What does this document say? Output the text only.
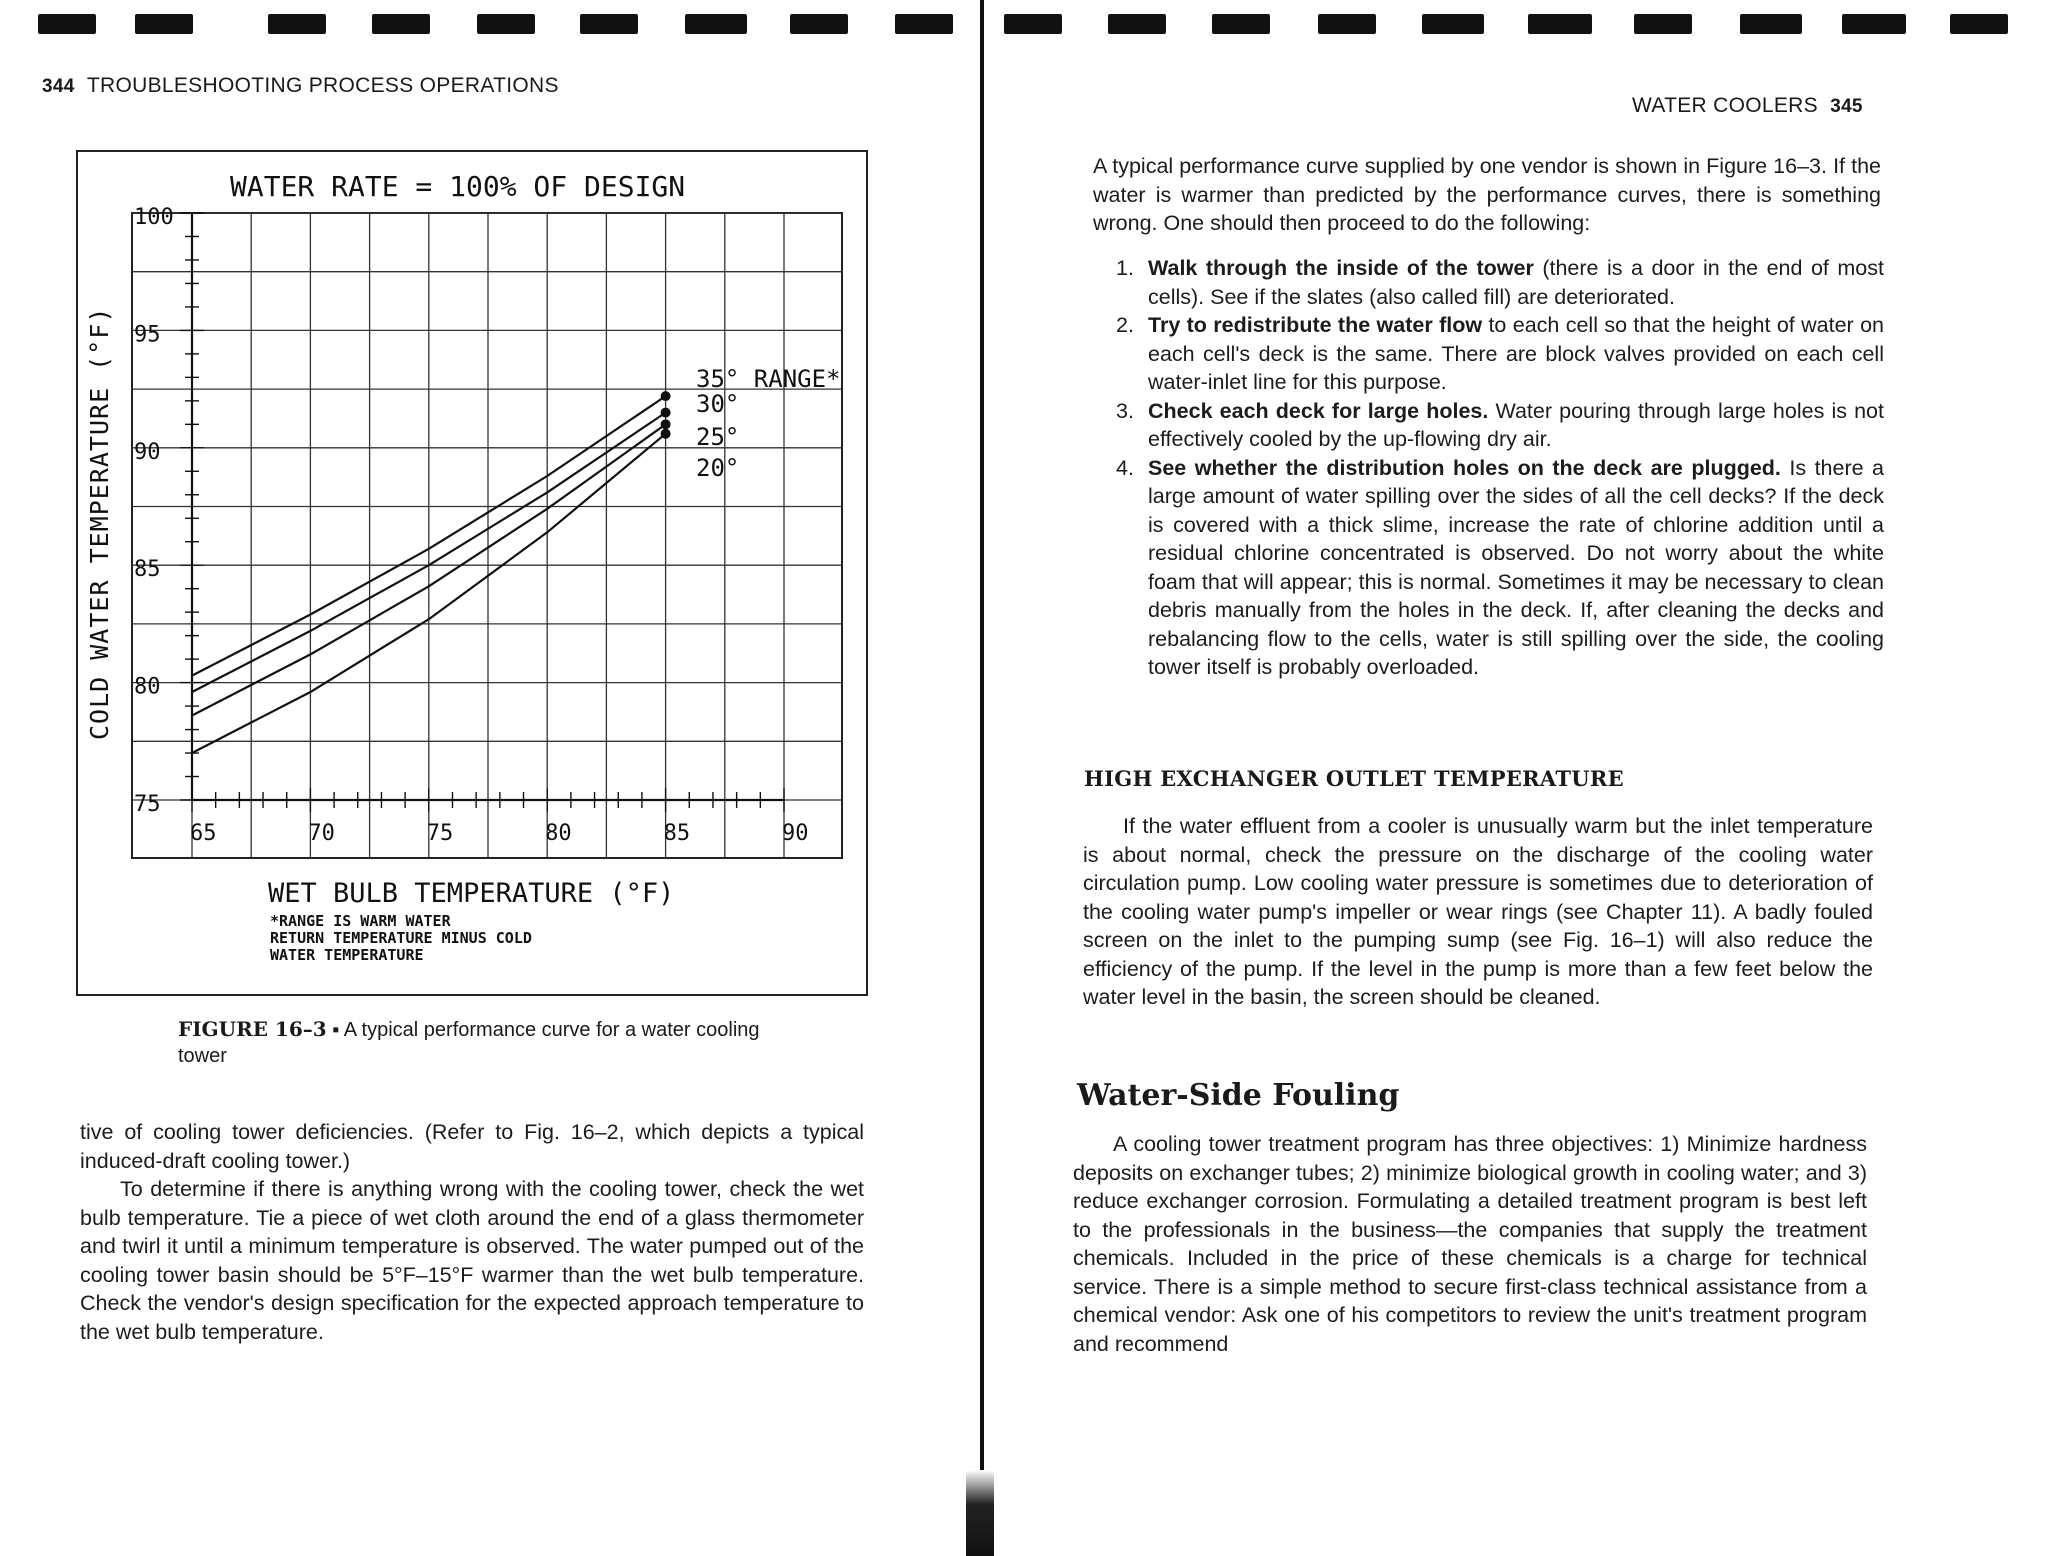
344 TROUBLESHOOTING PROCESS OPERATIONS
75
80
85
90
95
100
65	70	75	80	85	90
WATER RATE = 100% OF DESIGN
COLD WATER TEMPERATURE (°F)
WET BULB TEMPERATURE (°F)
*RANGE IS WARM WATER RETURN TEMPERATURE MINUS COLD WATER TEMPERATURE
35° RANGE*
30°
25°
20°
FIGURE 16–3 ▪ A typical performance curve for a water cooling tower
tive of cooling tower deficiencies. (Refer to Fig. 16–2, which depicts a typical induced-draft cooling tower.)
To determine if there is anything wrong with the cooling tower, check the wet bulb temperature. Tie a piece of wet cloth around the end of a glass thermometer and twirl it until a minimum temperature is observed. The water pumped out of the cooling tower basin should be 5°F–15°F warmer than the wet bulb temperature. Check the vendor's design specification for the expected approach temperature to the wet bulb temperature.
WATER COOLERS 345
A typical performance curve supplied by one vendor is shown in Figure 16–3. If the water is warmer than predicted by the performance curves, there is something wrong. One should then proceed to do the following:
1. Walk through the inside of the tower (there is a door in the end of most cells). See if the slates (also called fill) are deteriorated.
2. Try to redistribute the water flow to each cell so that the height of water on each cell's deck is the same. There are block valves provided on each cell water-inlet line for this purpose.
3. Check each deck for large holes. Water pouring through large holes is not effectively cooled by the up-flowing dry air.
4. See whether the distribution holes on the deck are plugged. Is there a large amount of water spilling over the sides of all the cell decks? If the deck is covered with a thick slime, increase the rate of chlorine addition until a residual chlorine concentrated is observed. Do not worry about the white foam that will appear; this is normal. Sometimes it may be necessary to clean debris manually from the holes in the deck. If, after cleaning the decks and rebalancing flow to the cells, water is still spilling over the side, the cooling tower itself is probably overloaded.
HIGH EXCHANGER OUTLET TEMPERATURE
If the water effluent from a cooler is unusually warm but the inlet temperature is about normal, check the pressure on the discharge of the cooling water circulation pump. Low cooling water pressure is sometimes due to deterioration of the cooling water pump's impeller or wear rings (see Chapter 11). A badly fouled screen on the inlet to the pumping sump (see Fig. 16–1) will also reduce the efficiency of the pump. If the level in the pump is more than a few feet below the water level in the basin, the screen should be cleaned.
Water-Side Fouling
A cooling tower treatment program has three objectives: 1) Minimize hardness deposits on exchanger tubes; 2) minimize biological growth in cooling water; and 3) reduce exchanger corrosion. Formulating a detailed treatment program is best left to the professionals in the business—the companies that supply the treatment chemicals. Included in the price of these chemicals is a charge for technical service. There is a simple method to secure first-class technical assistance from a chemical vendor: Ask one of his competitors to review the unit's treatment program and recommend
